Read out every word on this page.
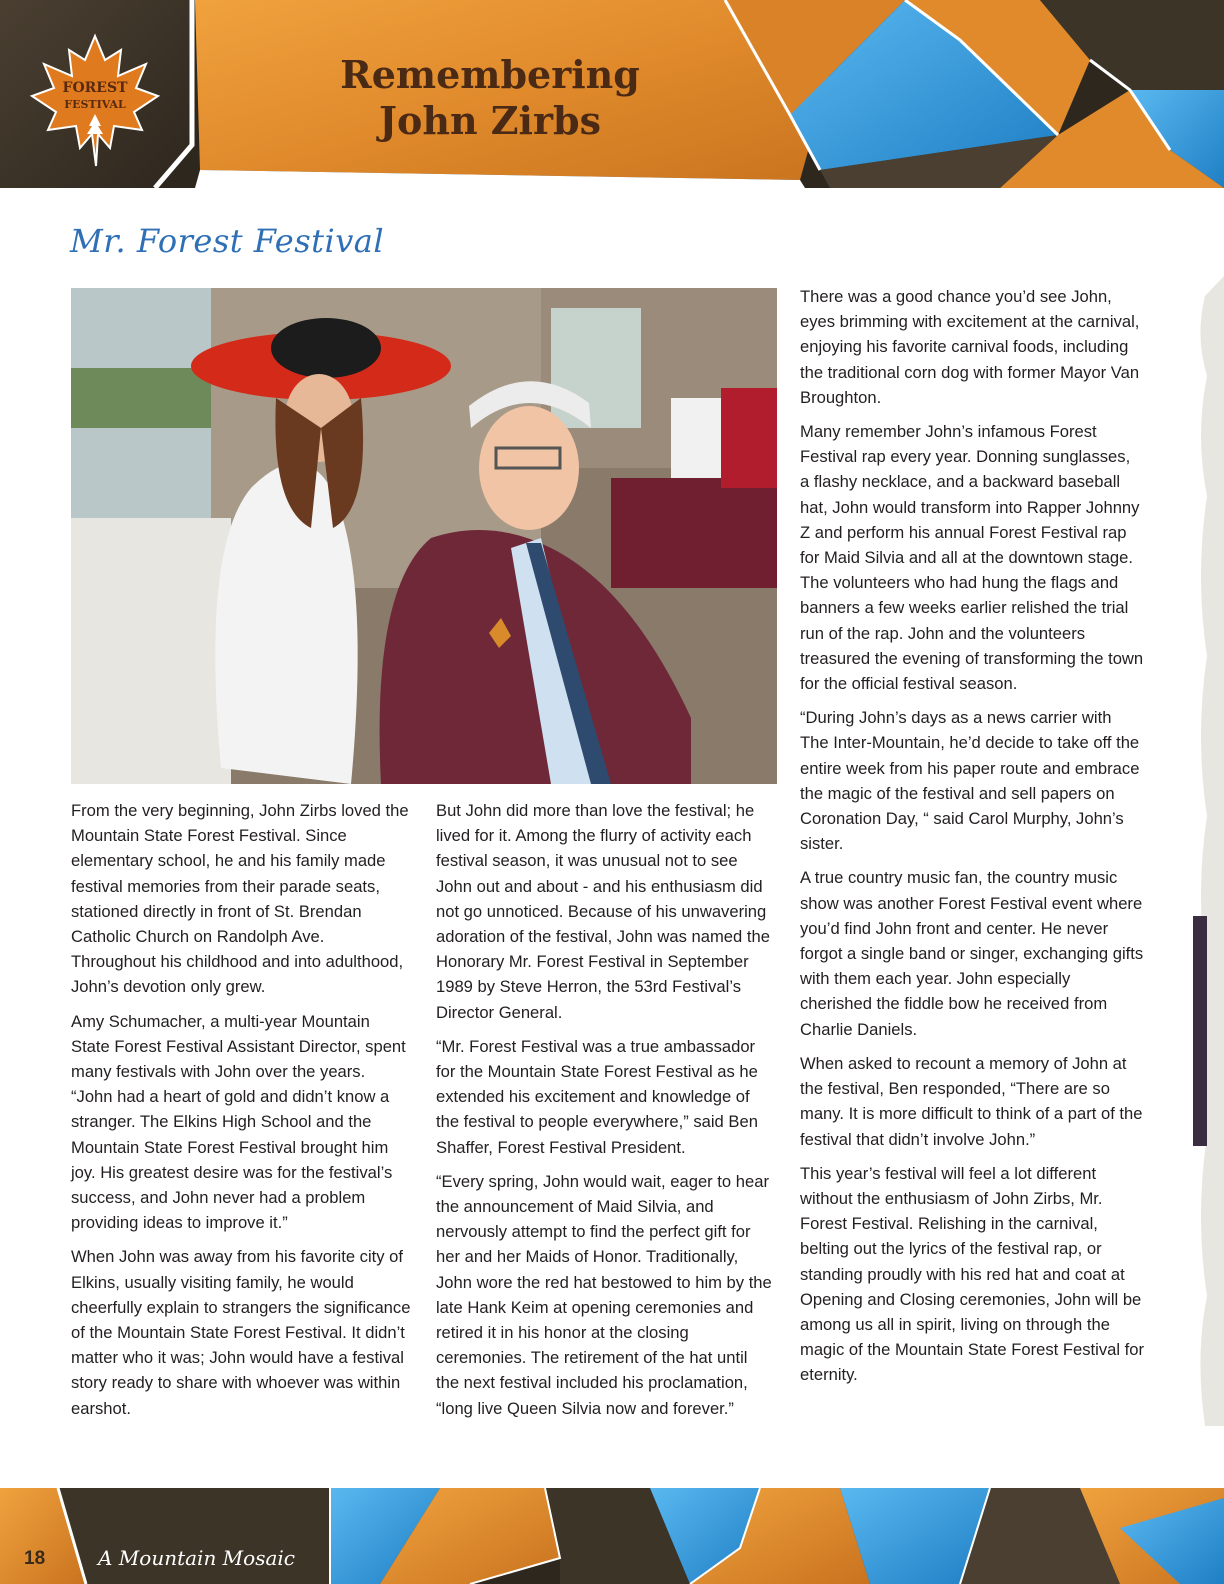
FOREST
FESTIVAL
Remembering John Zirbs
Mr. Forest Festival

From the very beginning, John Zirbs loved the Mountain State Forest Festival. Since elementary school, he and his family made festival memories from their parade seats, stationed directly in front of St. Brendan Catholic Church on Randolph Ave. Throughout his childhood and into adulthood, John’s devotion only grew.

Amy Schumacher, a multi-year Mountain State Forest Festival Assistant Director, spent many festivals with John over the years. “John had a heart of gold and didn’t know a stranger. The Elkins High School and the Mountain State Forest Festival brought him joy. His greatest desire was for the festival’s success, and John never had a problem providing ideas to improve it.”

When John was away from his favorite city of Elkins, usually visiting family, he would cheerfully explain to strangers the significance of the Mountain State Forest Festival. It didn’t matter who it was; John would have a festival story ready to share with whoever was within earshot.

But John did more than love the festival; he lived for it. Among the flurry of activity each festival season, it was unusual not to see John out and about - and his enthusiasm did not go unnoticed. Because of his unwavering adoration of the festival, John was named the Honorary Mr. Forest Festival in September 1989 by Steve Herron, the 53rd Festival’s Director General.

“Mr. Forest Festival was a true ambassador for the Mountain State Forest Festival as he extended his excitement and knowledge of the festival to people everywhere,” said Ben Shaffer, Forest Festival President.

“Every spring, John would wait, eager to hear the announcement of Maid Silvia, and nervously attempt to find the perfect gift for her and her Maids of Honor. Traditionally, John wore the red hat bestowed to him by the late Hank Keim at opening ceremonies and retired it in his honor at the closing ceremonies. The retirement of the hat until the next festival included his proclamation, “long live Queen Silvia now and forever.”

There was a good chance you’d see John, eyes brimming with excitement at the carnival, enjoying his favorite carnival foods, including the traditional corn dog with former Mayor Van Broughton.

Many remember John’s infamous Forest Festival rap every year. Donning sunglasses, a flashy necklace, and a backward baseball hat, John would transform into Rapper Johnny Z and perform his annual Forest Festival rap for Maid Silvia and all at the downtown stage. The volunteers who had hung the flags and banners a few weeks earlier relished the trial run of the rap. John and the volunteers treasured the evening of transforming the town for the official festival season.

“During John’s days as a news carrier with The Inter-Mountain, he’d decide to take off the entire week from his paper route and embrace the magic of the festival and sell papers on Coronation Day, “ said Carol Murphy, John’s sister.

A true country music fan, the country music show was another Forest Festival event where you’d find John front and center. He never forgot a single band or singer, exchanging gifts with them each year. John especially cherished the fiddle bow he received from Charlie Daniels.

When asked to recount a memory of John at the festival, Ben responded, “There are so many. It is more difficult to think of a part of the festival that didn’t involve John.”

This year’s festival will feel a lot different without the enthusiasm of John Zirbs, Mr. Forest Festival. Relishing in the carnival, belting out the lyrics of the festival rap, or standing proudly with his red hat and coat at Opening and Closing ceremonies, John will be among us all in spirit, living on through the magic of the Mountain State Forest Festival for eternity.

18	A Mountain Mosaic
